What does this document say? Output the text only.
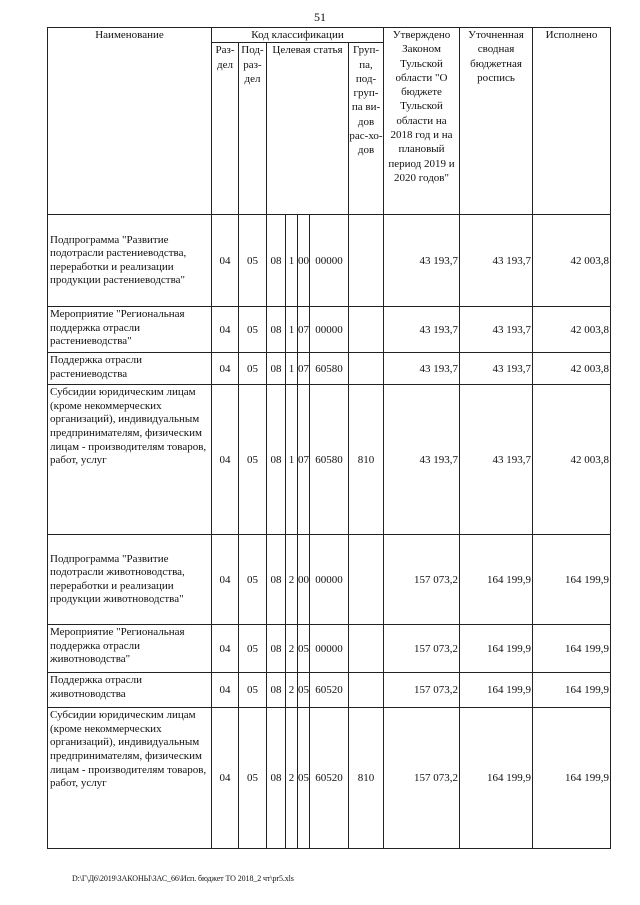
51
Наименование	Код классификации							Утверждено Законом Тульской области "О бюджете Тульской области на 2018 год и на плановый период 2019 и 2020 годов"	Уточненная сводная бюджетная роспись	Исполнено
	Раз-дел	Под-раз-дел	Целевая статья				Груп-па, под-груп-па ви-дов рас-хо-дов			
Подпрограмма "Развитие подотрасли растениеводства, переработки и реализации продукции растениеводства"	04	05	08	1	00	00000		43 193,7	43 193,7	42 003,8
Мероприятие "Региональная поддержка отрасли растениеводства"	04	05	08	1	07	00000		43 193,7	43 193,7	42 003,8
Поддержка отрасли растениеводства	04	05	08	1	07	60580		43 193,7	43 193,7	42 003,8
Субсидии юридическим лицам (кроме некоммерческих организаций), индивидуальным предпринимателям, физическим лицам - производителям товаров, работ, услуг	04	05	08	1	07	60580	810	43 193,7	43 193,7	42 003,8
Подпрограмма "Развитие подотрасли животноводства, переработки и реализации продукции животноводства"	04	05	08	2	00	00000		157 073,2	164 199,9	164 199,9
Мероприятие "Региональная поддержка отрасли животноводства"	04	05	08	2	05	00000		157 073,2	164 199,9	164 199,9
Поддержка отрасли животноводства	04	05	08	2	05	60520		157 073,2	164 199,9	164 199,9
Субсидии юридическим лицам (кроме некоммерческих организаций), индивидуальным предпринимателям, физическим лицам - производителям товаров, работ, услуг	04	05	08	2	05	60520	810	157 073,2	164 199,9	164 199,9
D:\Г\Д6\2019\ЗАКОНЫ\ЗАС_66\Исп. бюджет ТО 2018_2 чт\pr5.xls
